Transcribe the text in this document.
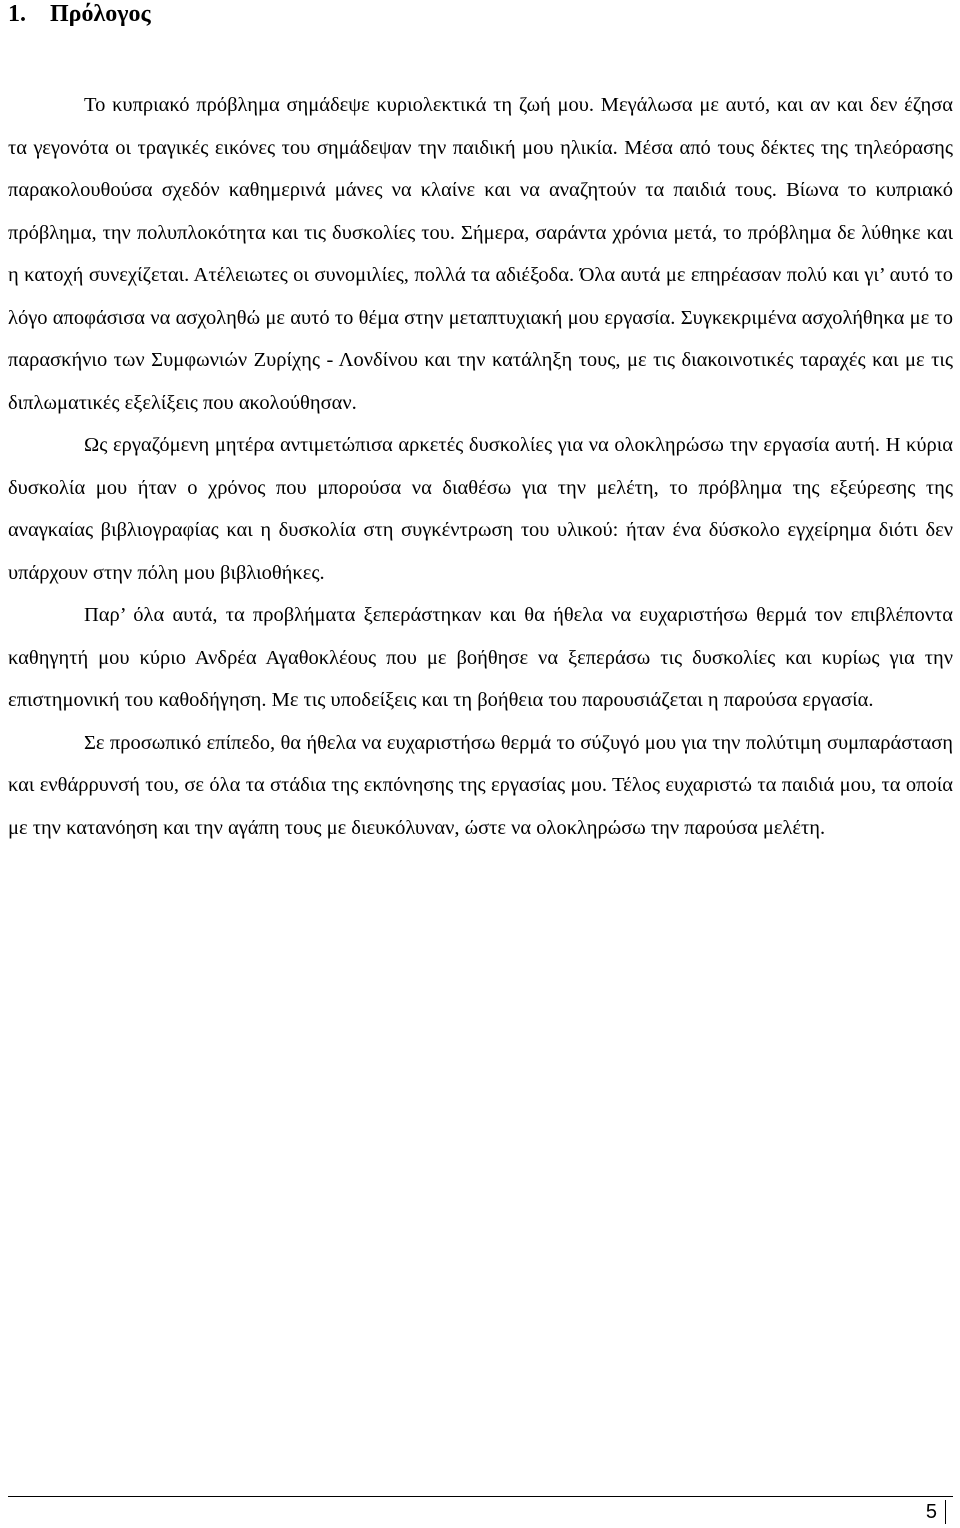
1. Πρόλογος

Το κυπριακό πρόβλημα σημάδεψε κυριολεκτικά τη ζωή μου. Μεγάλωσα με αυτό, και αν και δεν έζησα τα γεγονότα οι τραγικές εικόνες του σημάδεψαν την παιδική μου ηλικία. Μέσα από τους δέκτες της τηλεόρασης παρακολουθούσα σχεδόν καθημερινά μάνες να κλαίνε και να αναζητούν τα παιδιά τους. Βίωνα το κυπριακό πρόβλημα, την πολυπλοκότητα και τις δυσκολίες του. Σήμερα, σαράντα χρόνια μετά, το πρόβλημα δε λύθηκε και η κατοχή συνεχίζεται. Ατέλειωτες οι συνομιλίες, πολλά τα αδιέξοδα. Όλα αυτά με επηρέασαν πολύ και γι’ αυτό το λόγο αποφάσισα να ασχοληθώ με αυτό το θέμα στην μεταπτυχιακή μου εργασία. Συγκεκριμένα ασχολήθηκα με το παρασκήνιο των Συμφωνιών Ζυρίχης - Λονδίνου και την κατάληξη τους, με τις διακοινοτικές ταραχές και με τις διπλωματικές εξελίξεις που ακολούθησαν.

Ως εργαζόμενη μητέρα αντιμετώπισα αρκετές δυσκολίες για να ολοκληρώσω την εργασία αυτή. Η κύρια δυσκολία μου ήταν ο χρόνος που μπορούσα να διαθέσω για την μελέτη, το πρόβλημα της εξεύρεσης της αναγκαίας βιβλιογραφίας και η δυσκολία στη συγκέντρωση του υλικού: ήταν ένα δύσκολο εγχείρημα διότι δεν υπάρχουν στην πόλη μου βιβλιοθήκες.

Παρ’ όλα αυτά, τα προβλήματα ξεπεράστηκαν και θα ήθελα να ευχαριστήσω θερμά τον επιβλέποντα καθηγητή μου κύριο Ανδρέα Αγαθοκλέους που με βοήθησε να ξεπεράσω τις δυσκολίες και κυρίως για την επιστημονική του καθοδήγηση. Με τις υποδείξεις και τη βοήθεια του παρουσιάζεται η παρούσα εργασία.

Σε προσωπικό επίπεδο, θα ήθελα να ευχαριστήσω θερμά το σύζυγό μου για την πολύτιμη συμπαράσταση και ενθάρρυνσή του, σε όλα τα στάδια της εκπόνησης της εργασίας μου. Τέλος ευχαριστώ τα παιδιά μου, τα οποία με την κατανόηση και την αγάπη τους με διευκόλυναν, ώστε να ολοκληρώσω την παρούσα μελέτη.

5
